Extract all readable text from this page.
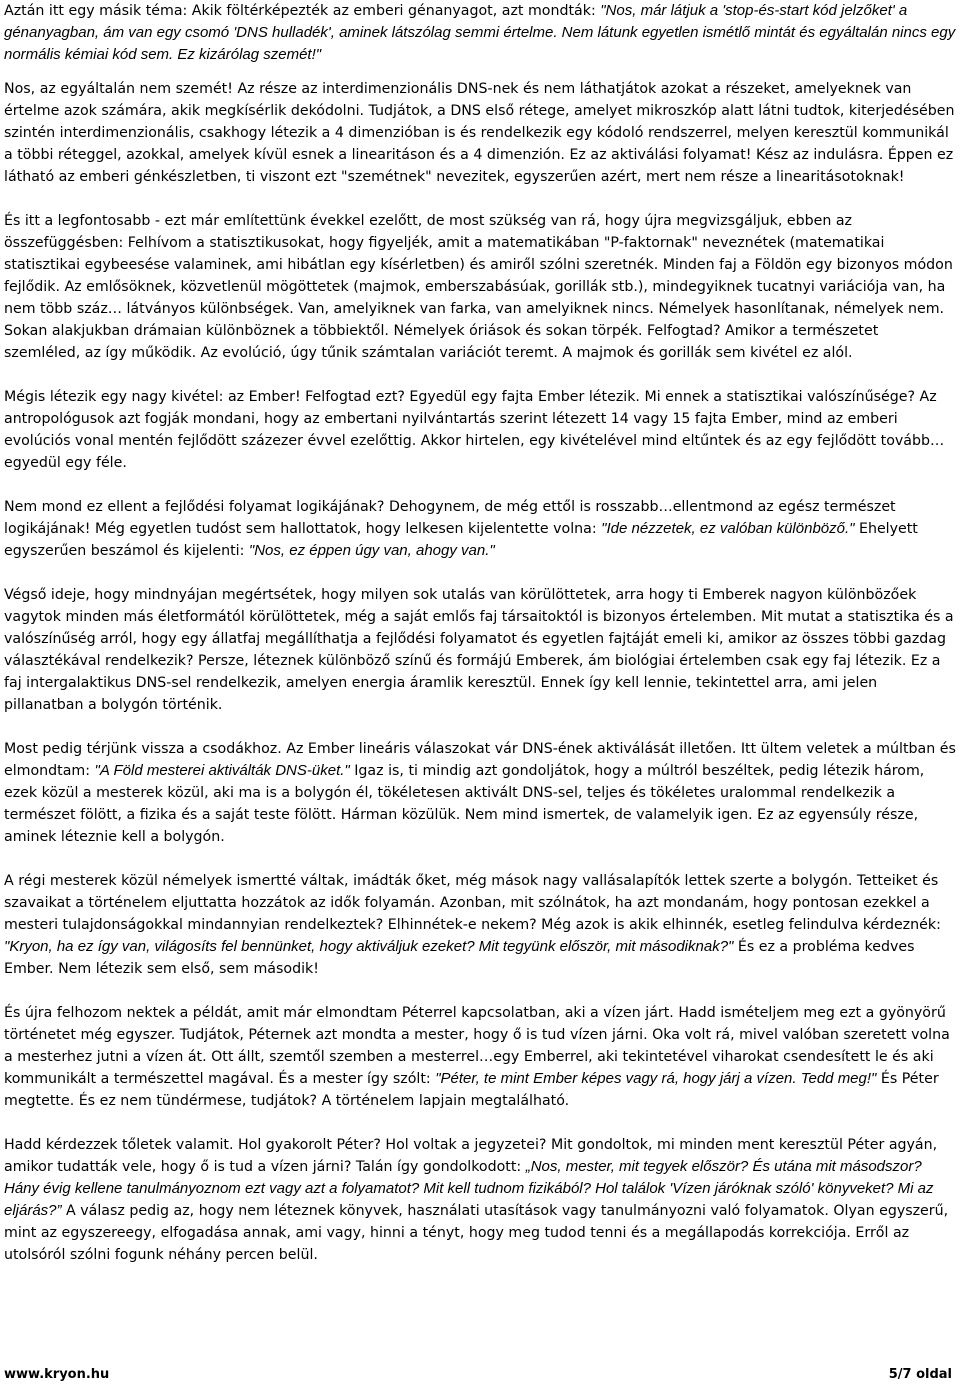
Aztán itt egy másik téma: Akik föltérképezték az emberi génanyagot, azt mondták: "Nos, már látjuk a 'stop-és-start kód jelzőket' a génanyagban, ám van egy csomó 'DNS hulladék', aminek látszólag semmi értelme. Nem látunk egyetlen ismétlő mintát és egyáltalán nincs egy normális kémiai kód sem. Ez kizárólag szemét!"

Nos, az egyáltalán nem szemét! Az része az interdimenzionális DNS-nek és nem láthatjátok azokat a részeket, amelyeknek van értelme azok számára, akik megkísérlik dekódolni. Tudjátok, a DNS első rétege, amelyet mikroszkóp alatt látni tudtok, kiterjedésében szintén interdimenzionális, csakhogy létezik a 4 dimenzióban is és rendelkezik egy kódoló rendszerrel, melyen keresztül kommunikál a többi réteggel, azokkal, amelyek kívül esnek a linearitáson és a 4 dimenzión. Ez az aktiválási folyamat! Kész az indulásra. Éppen ez látható az emberi génkészletben, ti viszont ezt "szemétnek" nevezitek, egyszerűen azért, mert nem része a linearitásotoknak!

És itt a legfontosabb - ezt már említettünk évekkel ezelőtt, de most szükség van rá, hogy újra megvizsgáljuk, ebben az összefüggésben: Felhívom a statisztikusokat, hogy figyeljék, amit a matematikában "P-faktornak" neveznétek (matematikai statisztikai egybeesése valaminek, ami hibátlan egy kísérletben) és amiről szólni szeretnék. Minden faj a Földön egy bizonyos módon fejlődik. Az emlősöknek, közvetlenül mögöttetek (majmok, emberszabásúak, gorillák stb.), mindegyiknek tucatnyi variációja van, ha nem több száz… látványos különbségek. Van, amelyiknek van farka, van amelyiknek nincs. Némelyek hasonlítanak, némelyek nem. Sokan alakjukban drámaian különböznek a többiektől. Némelyek óriások és sokan törpék. Felfogtad? Amikor a természetet szemléled, az így működik. Az evolúció, úgy tűnik számtalan variációt teremt. A majmok és gorillák sem kivétel ez alól.

Mégis létezik egy nagy kivétel: az Ember! Felfogtad ezt? Egyedül egy fajta Ember létezik. Mi ennek a statisztikai valószínűsége? Az antropológusok azt fogják mondani, hogy az embertani nyilvántartás szerint létezett 14 vagy 15 fajta Ember, mind az emberi evolúciós vonal mentén fejlődött százezer évvel ezelőttig. Akkor hirtelen, egy kivételével mind eltűntek és az egy fejlődött tovább… egyedül egy féle.

Nem mond ez ellent a fejlődési folyamat logikájának? Dehogynem, de még ettől is rosszabb…ellentmond az egész természet logikájának! Még egyetlen tudóst sem hallottatok, hogy lelkesen kijelentette volna: "Ide nézzetek, ez valóban különböző." Ehelyett egyszerűen beszámol és kijelenti: "Nos, ez éppen úgy van, ahogy van."

Végső ideje, hogy mindnyájan megértsétek, hogy milyen sok utalás van körülöttetek, arra hogy ti Emberek nagyon különbözőek vagytok minden más életformától körülöttetek, még a saját emlős faj társaitoktól is bizonyos értelemben. Mit mutat a statisztika és a valószínűség arról, hogy egy állatfaj megállíthatja a fejlődési folyamatot és egyetlen fajtáját emeli ki, amikor az összes többi gazdag választékával rendelkezik? Persze, léteznek különböző színű és formájú Emberek, ám biológiai értelemben csak egy faj létezik. Ez a faj intergalaktikus DNS-sel rendelkezik, amelyen energia áramlik keresztül. Ennek így kell lennie, tekintettel arra, ami jelen pillanatban a bolygón történik.

Most pedig térjünk vissza a csodákhoz. Az Ember lineáris válaszokat vár DNS-ének aktiválását illetően. Itt ültem veletek a múltban és elmondtam: "A Föld mesterei aktiválták DNS-üket." Igaz is, ti mindig azt gondoljátok, hogy a múltról beszéltek, pedig létezik három, ezek közül a mesterek közül, aki ma is a bolygón él, tökéletesen aktivált DNS-sel, teljes és tökéletes uralommal rendelkezik a természet fölött, a fizika és a saját teste fölött. Hárman közülük. Nem mind ismertek, de valamelyik igen. Ez az egyensúly része, aminek léteznie kell a bolygón.

A régi mesterek közül némelyek ismertté váltak, imádták őket, még mások nagy vallásalapítók lettek szerte a bolygón. Tetteiket és szavaikat a történelem eljuttatta hozzátok az idők folyamán. Azonban, mit szólnátok, ha azt mondanám, hogy pontosan ezekkel a mesteri tulajdonságokkal mindannyian rendelkeztek? Elhinnétek-e nekem? Még azok is akik elhinnék, esetleg felindulva kérdeznék: "Kryon, ha ez így van, világosíts fel bennünket, hogy aktiváljuk ezeket? Mit tegyünk először, mit másodiknak?" És ez a probléma kedves Ember. Nem létezik sem első, sem második!

És újra felhozom nektek a példát, amit már elmondtam Péterrel kapcsolatban, aki a vízen járt. Hadd ismételjem meg ezt a gyönyörű történetet még egyszer. Tudjátok, Péternek azt mondta a mester, hogy ő is tud vízen járni. Oka volt rá, mivel valóban szeretett volna a mesterhez jutni a vízen át. Ott állt, szemtől szemben a mesterrel…egy Emberrel, aki tekintetével viharokat csendesített le és aki kommunikált a természettel magával. És a mester így szólt: "Péter, te mint Ember képes vagy rá, hogy járj a vízen. Tedd meg!" És Péter megtette. És ez nem tündérmese, tudjátok? A történelem lapjain megtalálható.

Hadd kérdezzek tőletek valamit. Hol gyakorolt Péter? Hol voltak a jegyzetei? Mit gondoltok, mi minden ment keresztül Péter agyán, amikor tudatták vele, hogy ő is tud a vízen járni? Talán így gondolkodott: „Nos, mester, mit tegyek először? És utána mit másodszor? Hány évig kellene tanulmányoznom ezt vagy azt a folyamatot? Mit kell tudnom fizikából? Hol találok 'Vízen járóknak szóló' könyveket? Mi az eljárás?” A válasz pedig az, hogy nem léteznek könyvek, használati utasítások vagy tanulmányozni való folyamatok. Olyan egyszerű, mint az egyszereegy, elfogadása annak, ami vagy, hinni a tényt, hogy meg tudod tenni és a megállapodás korrekciója. Erről az utolsóról szólni fogunk néhány percen belül.

www.kryon.hu	5/7 oldal
